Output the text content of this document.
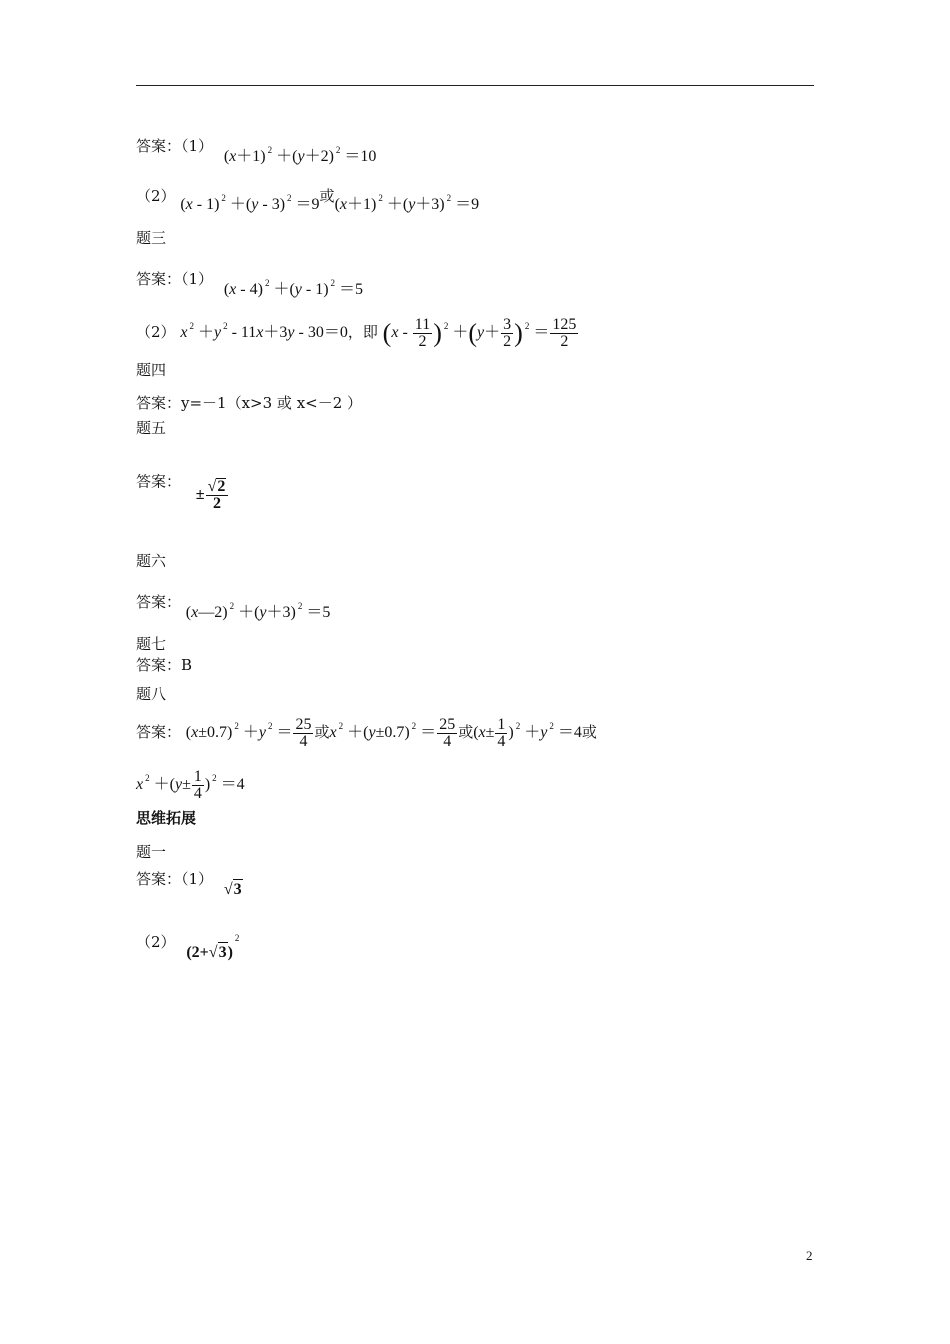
答案：（1） (x＋1) $^2$ ＋(y＋2) $^2$ ＝10
（2） (x - 1) $^2$ ＋(y - 3) $^2$ ＝9或(x＋1) $^2$ ＋(y＋3) $^2$ ＝9
题三
答案：（1） (x - 4) $^2$ ＋(y - 1) $^2$ ＝5
（2） x $^2$ ＋y $^2$ - 11x＋3y - 30＝0，即 ($x - \frac{11}{2}$ ) $^2 +(y+ \frac{3}{2}$ ) $^2 = \frac{125}{2}$
题四
答案：y=－1（x>3 或 x<－2 ）
题五
答案： ± $\frac{√2}{2}$
题六
答案： (x—2) $^2$ ＋(y＋3) $^2$ ＝5
题七
答案：B
题八
答案： (x±0.7) $^2$ ＋y $^2 = \frac{25}{4}$ 或x $^2$ ＋(y±0.7) $^2 = \frac{25}{4}$ 或($x\pm \frac{1}{4}$ ) $^2$ ＋y $^2$ ＝4或
x $^2 +(y\pm \frac{1}{4}$ ) $^2$ ＝4
思维拓展
题一
答案：（1） √3
（2） $(2+√3)^2$
2
